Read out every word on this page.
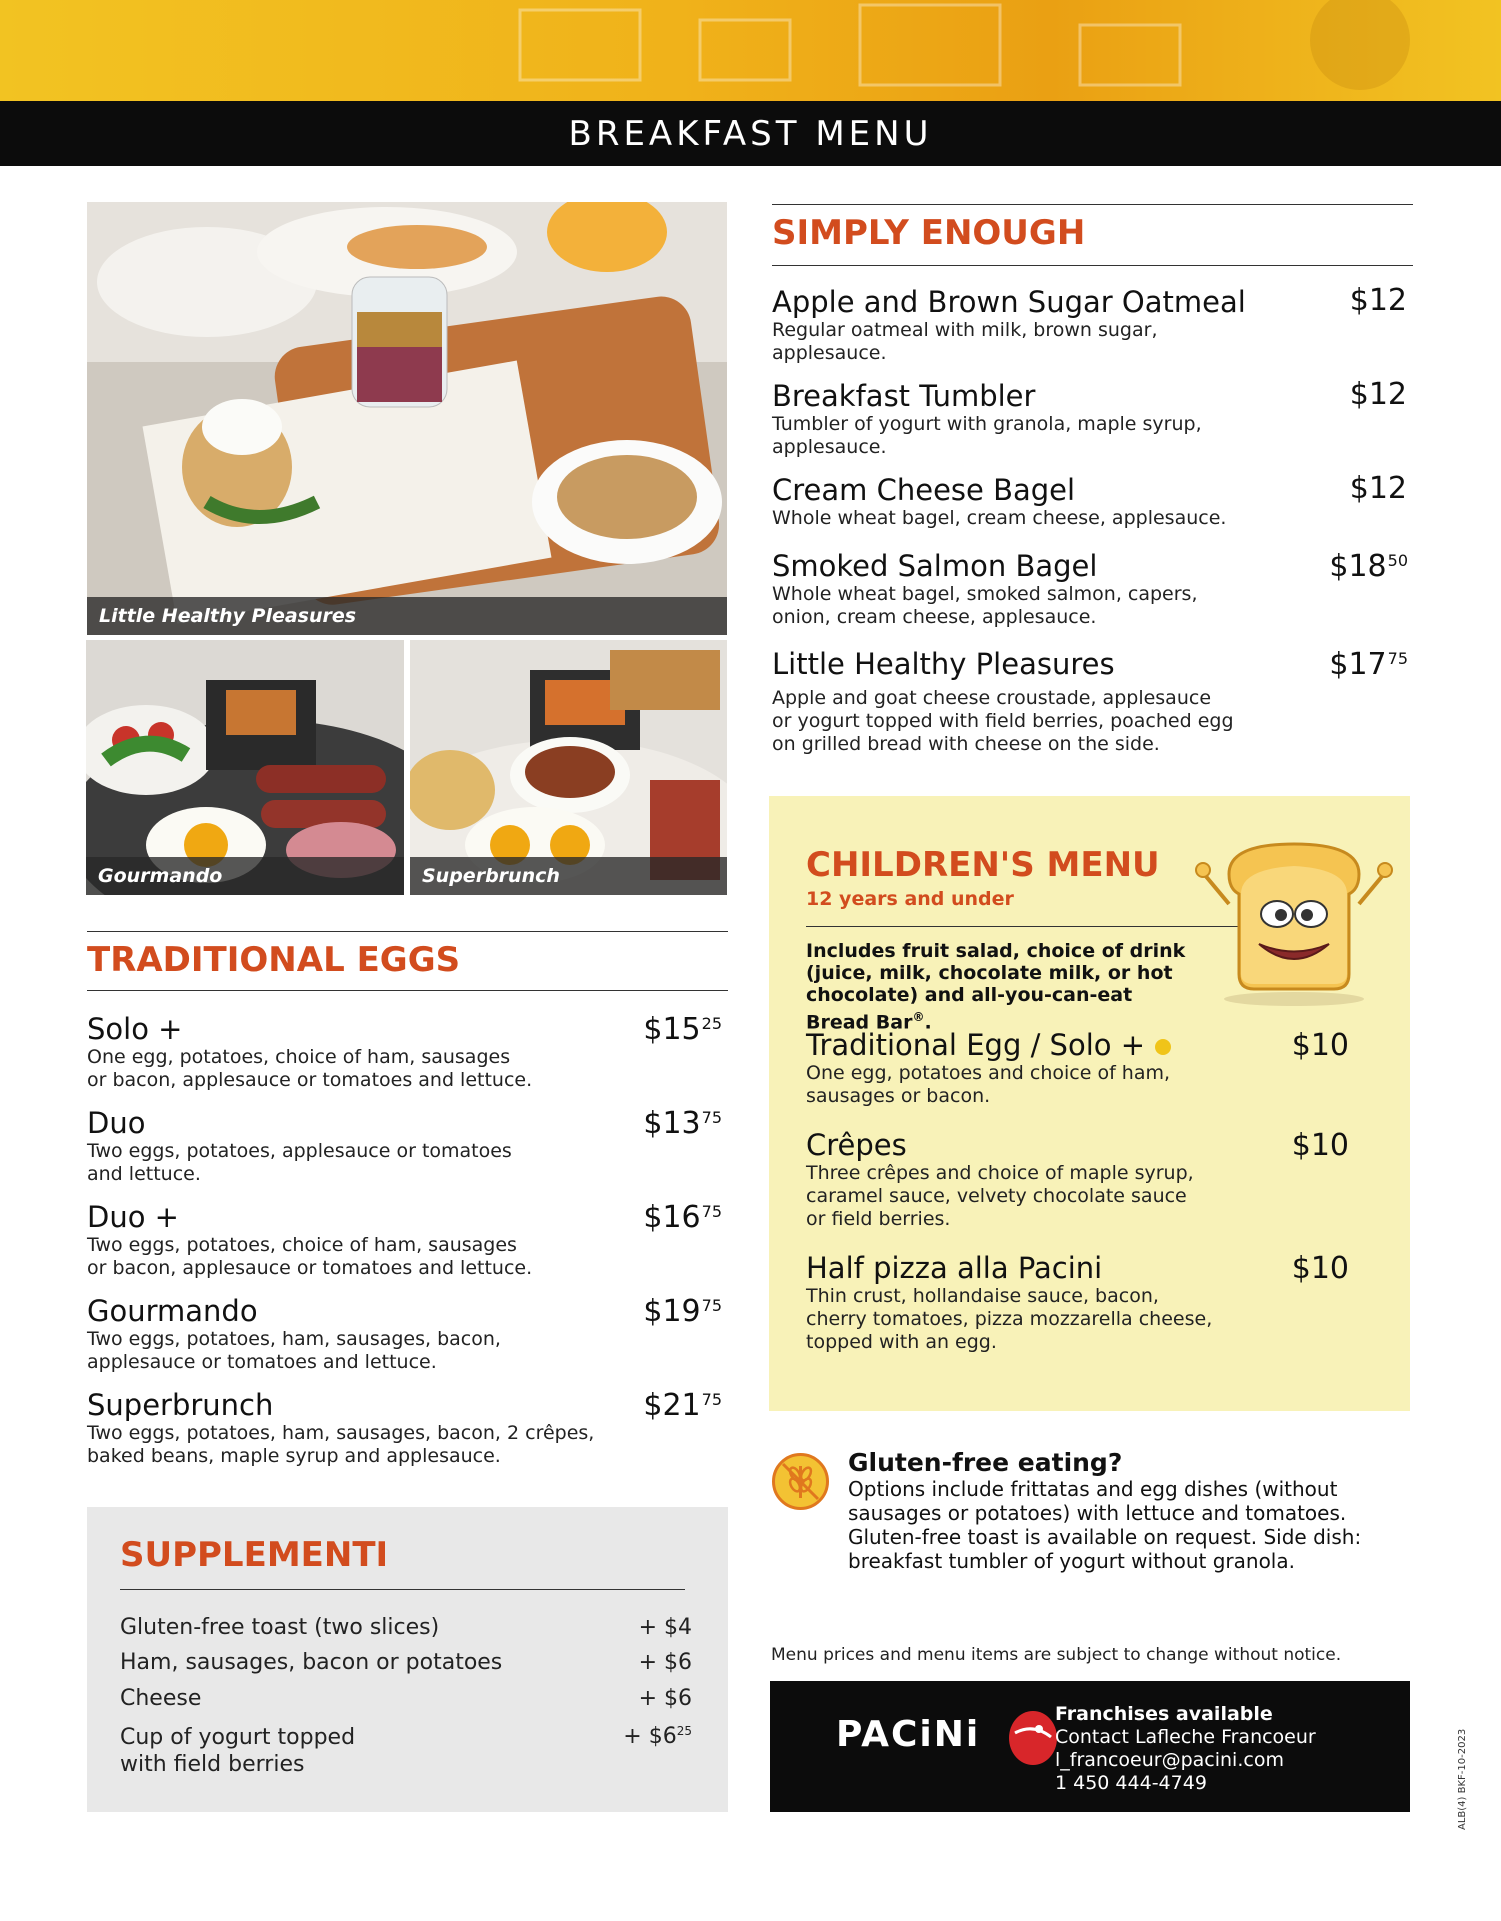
BREAKFAST MENU
Little Healthy Pleasures
Gourmando	Superbrunch
SIMPLY ENOUGH
Apple and Brown Sugar Oatmeal
Regular oatmeal with milk, brown sugar,
applesauce.
$12
Breakfast Tumbler
Tumbler of yogurt with granola, maple syrup,
applesauce.
$12
Cream Cheese Bagel
Whole wheat bagel, cream cheese, applesauce.
$12
Smoked Salmon Bagel
Whole wheat bagel, smoked salmon, capers,
onion, cream cheese, applesauce.
$\$18^{50}$
Little Healthy Pleasures
Apple and goat cheese croustade, applesauce
or yogurt topped with field berries, poached egg
on grilled bread with cheese on the side.
$\$17^{75}$
TRADITIONAL EGGS
Solo +
One egg, potatoes, choice of ham, sausages
or bacon, applesauce or tomatoes and lettuce.
$\$15^{25}$
Duo
Two eggs, potatoes, applesauce or tomatoes
and lettuce.
$\$13^{75}$
Duo +
Two eggs, potatoes, choice of ham, sausages
or bacon, applesauce or tomatoes and lettuce.
$\$16^{75}$
Gourmando
Two eggs, potatoes, ham, sausages, bacon,
applesauce or tomatoes and lettuce.
$\$19^{75}$
Superbrunch
Two eggs, potatoes, ham, sausages, bacon, 2 crêpes,
baked beans, maple syrup and applesauce.
$\$21^{75}$
SUPPLEMENTI
Gluten-free toast (two slices)	+ $4
Ham, sausages, bacon or potatoes	+ $6
Cheese	+ $6
Cup of yogurt topped
with field berries
+ $\$6^{25}$
CHILDREN'S MENU
12 years and under
Includes fruit salad, choice of drink
(juice, milk, chocolate milk, or hot
chocolate) and all-you-can-eat Bread Bar®.
Traditional Egg / Solo +
One egg, potatoes and choice of ham,
sausages or bacon.
$10
Crêpes
Three crêpes and choice of maple syrup,
caramel sauce, velvety chocolate sauce
or field berries.
$10
Half pizza alla Pacini
Thin crust, hollandaise sauce, bacon,
cherry tomatoes, pizza mozzarella cheese,
topped with an egg.
$10
Gluten-free eating?
Options include frittatas and egg dishes (without
sausages or potatoes) with lettuce and tomatoes.
Gluten-free toast is available on request. Side dish:
breakfast tumbler of yogurt without granola.
Menu prices and menu items are subject to change without notice.
PACiNi	Franchises available
Contact Lafleche Francoeur
l_francoeur@pacini.com
1 450 444-4749	ALB(4) BKF-10-2023
